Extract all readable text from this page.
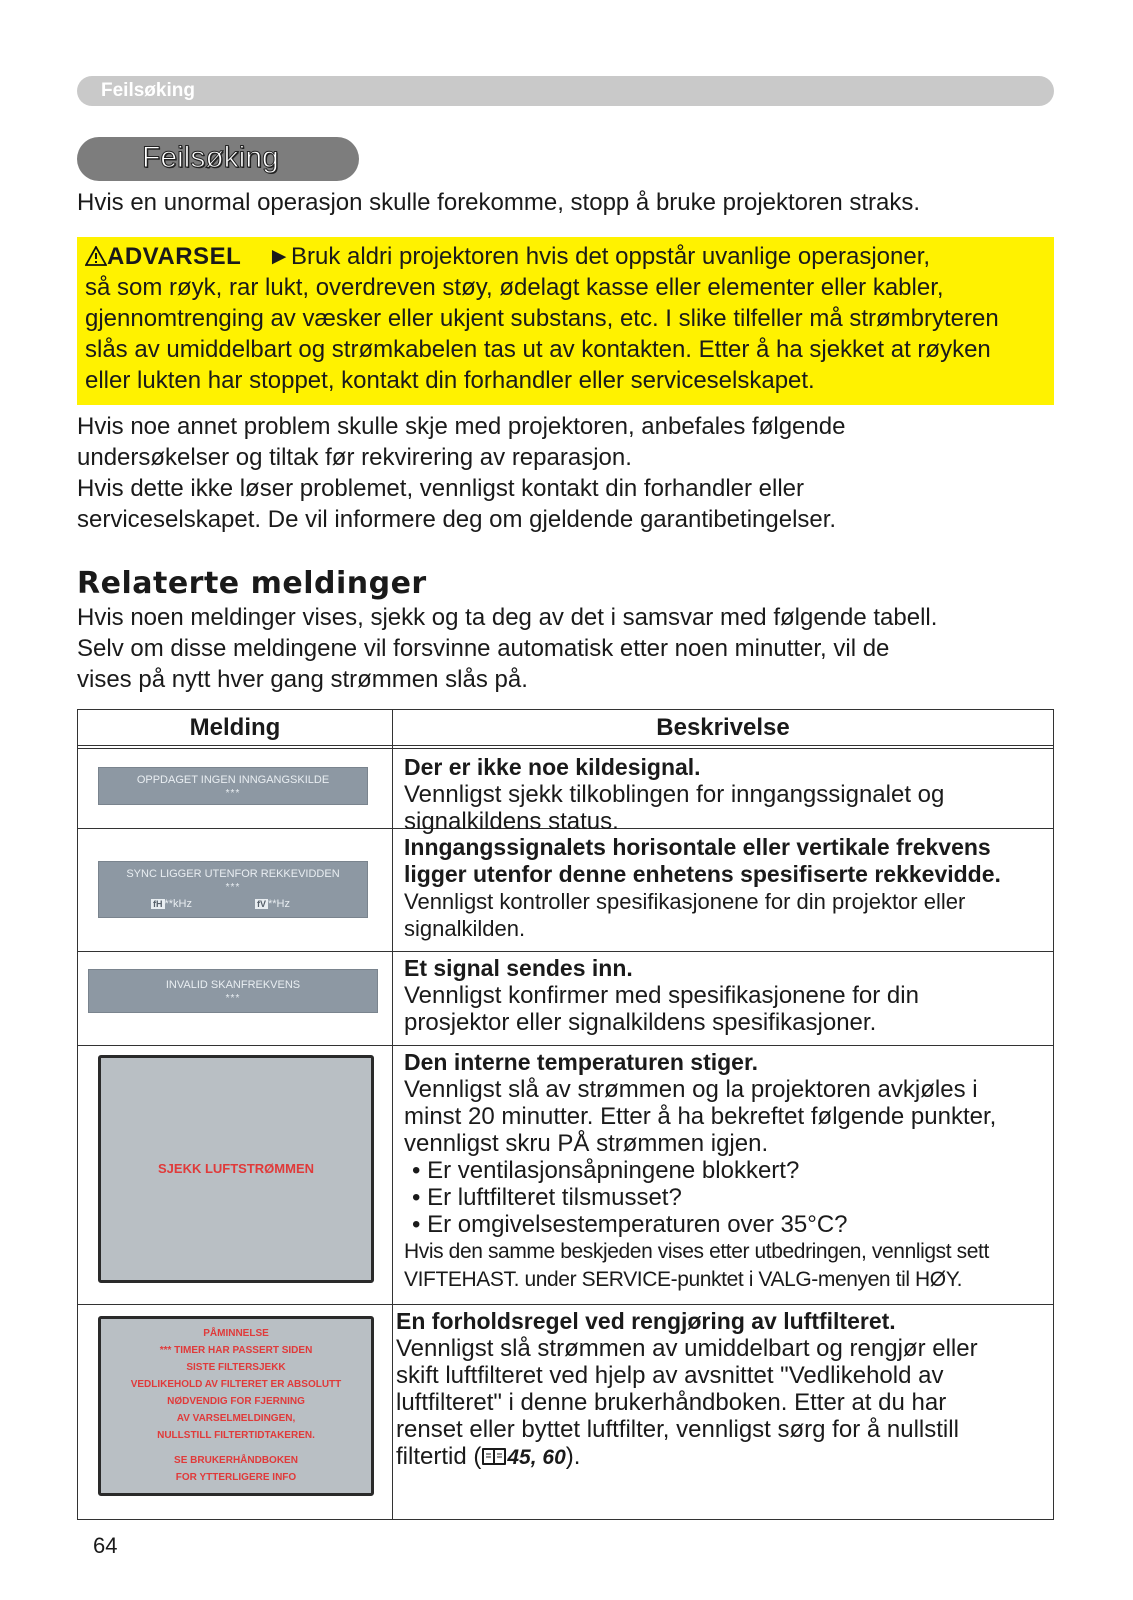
Feilsøking
Feilsøking
Hvis en unormal operasjon skulle forekomme, stopp å bruke projektoren straks.
ADVARSEL ►Bruk aldri projektoren hvis det oppstår uvanlige operasjoner,
så som røyk, rar lukt, overdreven støy, ødelagt kasse eller elementer eller kabler,
gjennomtrenging av væsker eller ukjent substans, etc. I slike tilfeller må strømbryteren
slås av umiddelbart og strømkabelen tas ut av kontakten. Etter å ha sjekket at røyken
eller lukten har stoppet, kontakt din forhandler eller serviceselskapet.
Hvis noe annet problem skulle skje med projektoren, anbefales følgende
undersøkelser og tiltak før rekvirering av reparasjon.
Hvis dette ikke løser problemet, vennligst kontakt din forhandler eller
serviceselskapet. De vil informere deg om gjeldende garantibetingelser.
Relaterte meldinger
Hvis noen meldinger vises, sjekk og ta deg av det i samsvar med følgende tabell.
Selv om disse meldingene vil forsvinne automatisk etter noen minutter, vil de
vises på nytt hver gang strømmen slås på.
Melding	Beskrivelse
OPPDAGET INGEN INNGANGSKILDE
***
Der er ikke noe kildesignal.
Vennligst sjekk tilkoblingen for inngangssignalet og
signalkildens status.
SYNC LIGGER UTENFOR REKKEVIDDEN
***
fH **kHz	fV **Hz
Inngangssignalets horisontale eller vertikale frekvens
ligger utenfor denne enhetens spesifiserte rekkevidde.
Vennligst kontroller spesifikasjonene for din projektor eller
signalkilden.
INVALID SKANFREKVENS
***
Et signal sendes inn.
Vennligst konfirmer med spesifikasjonene for din
prosjektor eller signalkildens spesifikasjoner.
SJEKK LUFTSTRØMMEN
Den interne temperaturen stiger.
Vennligst slå av strømmen og la projektoren avkjøles i
minst 20 minutter. Etter å ha bekreftet følgende punkter,
vennligst skru PÅ strømmen igjen.
• Er ventilasjonsåpningene blokkert?
• Er luftfilteret tilsmusset?
• Er omgivelsestemperaturen over 35°C?
Hvis den samme beskjeden vises etter utbedringen, vennligst sett
VIFTEHAST. under SERVICE-punktet i VALG-menyen til HØY.
PÅMINNELSE
*** TIMER HAR PASSERT SIDEN
SISTE FILTERSJEKK
VEDLIKEHOLD AV FILTERET ER ABSOLUTT
NØDVENDIG FOR FJERNING
AV VARSELMELDINGEN,
NULLSTILL FILTERTIDTAKEREN.
SE BRUKERHÅNDBOKEN
FOR YTTERLIGERE INFO
En forholdsregel ved rengjøring av luftfilteret.
Vennligst slå strømmen av umiddelbart og rengjør eller
skift luftfilteret ved hjelp av avsnittet "Vedlikehold av
luftfilteret" i denne brukerhåndboken. Etter at du har
renset eller byttet luftfilter, vennligst sørg for å nullstill
filtertid ( 45, 60).
64
